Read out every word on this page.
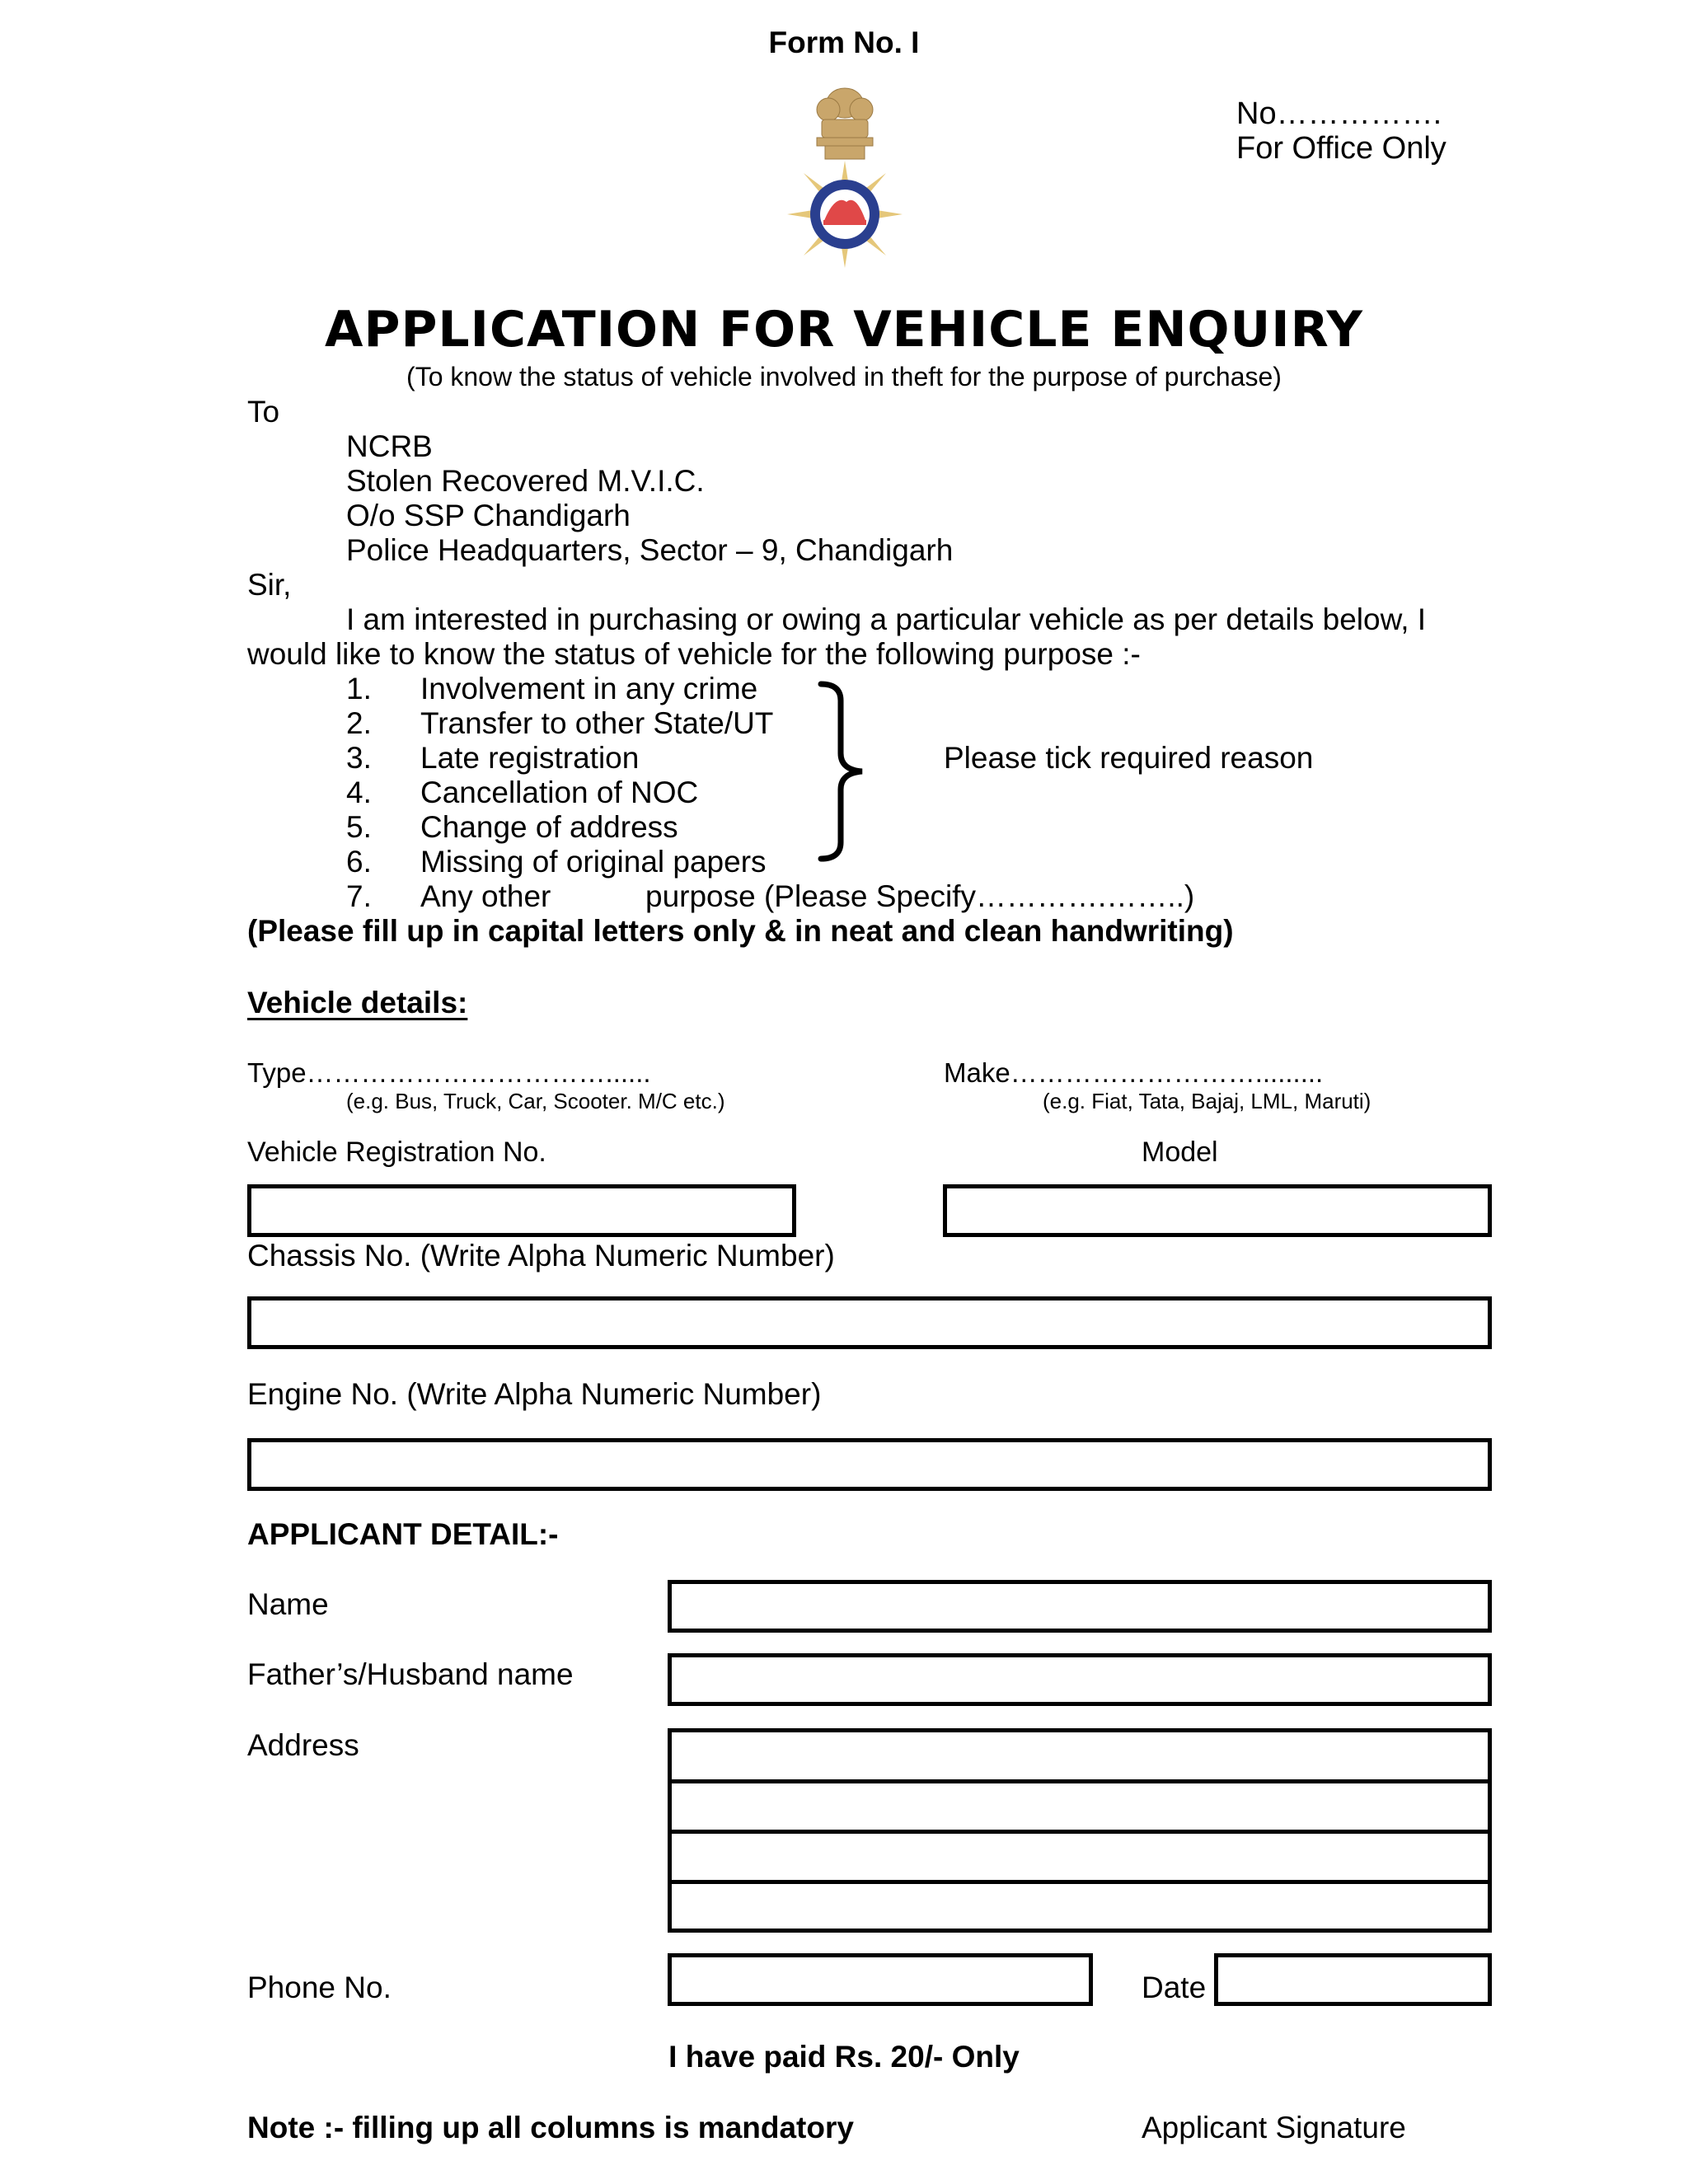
Form No. I
No…………….
For Office Only
APPLICATION FOR VEHICLE ENQUIRY
(To know the status of vehicle involved in theft for the purpose of purchase)
To
NCRB
Stolen Recovered M.V.I.C.
O/o SSP Chandigarh
Police Headquarters, Sector – 9, Chandigarh
Sir,
I am interested in purchasing or owing a particular vehicle as per details below, I
would like to know the status of vehicle for the following purpose :-
1. Involvement in any crime
2. Transfer to other State/UT
3. Late registration
4. Cancellation of NOC
5. Change of address
6. Missing of original papers
7. Any other	purpose (Please Specify………….……..)
Please tick required reason
(Please fill up in capital letters only & in neat and clean handwriting)
Vehicle details:
Type……………………………......
(e.g. Bus, Truck, Car, Scooter. M/C etc.)
Make……………………….........
(e.g. Fiat, Tata, Bajaj, LML, Maruti)
Vehicle Registration No.	Model
Chassis No. (Write Alpha Numeric Number)
Engine No. (Write Alpha Numeric Number)
APPLICANT DETAIL:-
Name
Father’s/Husband name
Address
Phone No.	Date
I have paid Rs. 20/- Only
Note :- filling up all columns is mandatory	Applicant Signature
